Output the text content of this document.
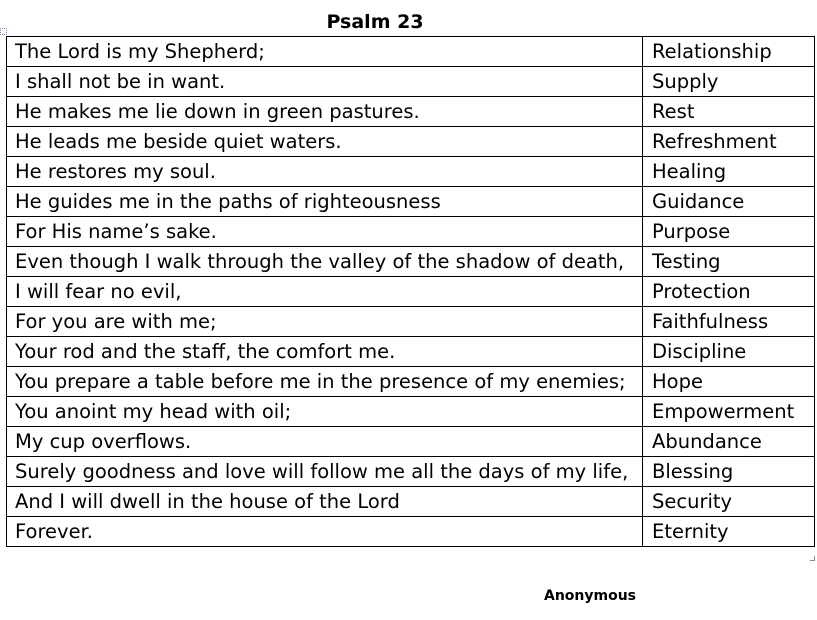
Psalm 23
The Lord is my Shepherd;	Relationship
I shall not be in want.	Supply
He makes me lie down in green pastures.	Rest
He leads me beside quiet waters.	Refreshment
He restores my soul.	Healing
He guides me in the paths of righteousness	Guidance
For His name’s sake.	Purpose
Even though I walk through the valley of the shadow of death,	Testing
I will fear no evil,	Protection
For you are with me;	Faithfulness
Your rod and the staff, the comfort me.	Discipline
You prepare a table before me in the presence of my enemies;	Hope
You anoint my head with oil;	Empowerment
My cup overflows.	Abundance
Surely goodness and love will follow me all the days of my life,	Blessing
And I will dwell in the house of the Lord	Security
Forever.	Eternity
Anonymous
